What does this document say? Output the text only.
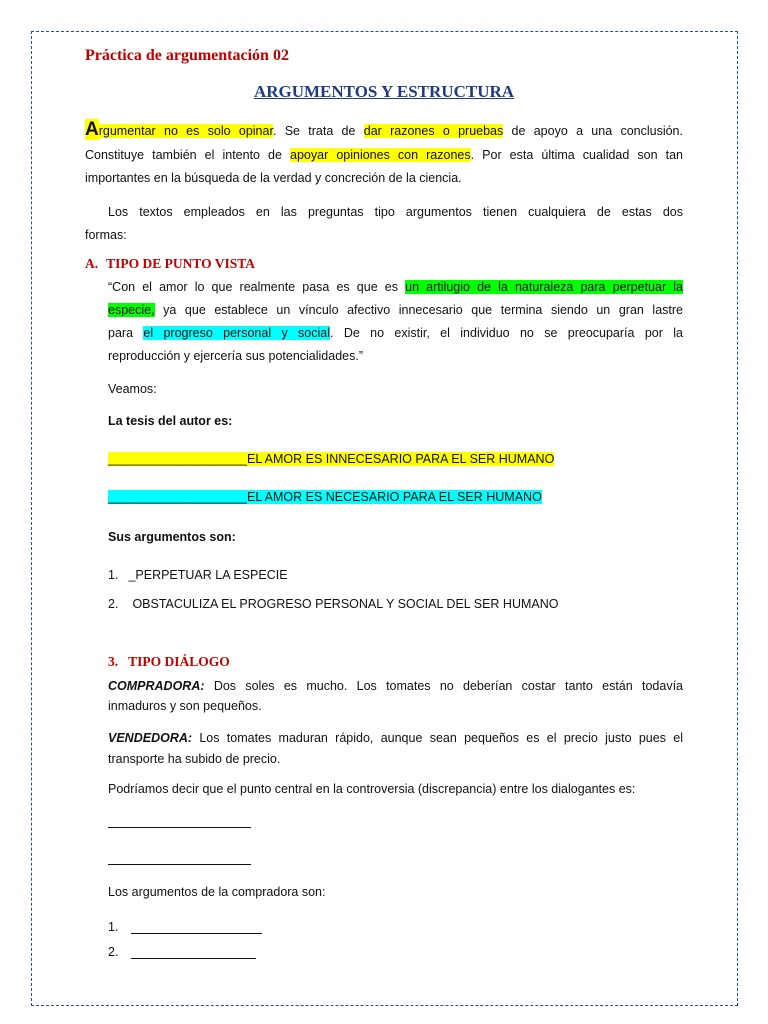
Práctica de argumentación 02
ARGUMENTOS Y ESTRUCTURA
Argumentar no es solo opinar. Se trata de dar razones o pruebas de apoyo a una conclusión.
Constituye también el intento de apoyar opiniones con razones. Por esta última cualidad son tan
importantes en la búsqueda de la verdad y concreción de la ciencia.
Los textos empleados en las preguntas tipo argumentos tienen cualquiera de estas dos
formas:
A. TIPO DE PUNTO VISTA
“Con el amor lo que realmente pasa es que es un artilugio de la naturaleza para perpetuar la
especie, ya que establece un vínculo afectivo innecesario que termina siendo un gran lastre
para el progreso personal y social. De no existir, el individuo no se preocuparía por la
reproducción y ejercería sus potencialidades.”
Veamos:
La tesis del autor es:
____________________EL AMOR ES INNECESARIO PARA EL SER HUMANO
____________________EL AMOR ES NECESARIO PARA EL SER HUMANO
Sus argumentos son:
1. _PERPETUAR LA ESPECIE
2. OBSTACULIZA EL PROGRESO PERSONAL Y SOCIAL DEL SER HUMANO
3. TIPO DIÁLOGO
COMPRADORA: Dos soles es mucho. Los tomates no deberían costar tanto están todavía
inmaduros y son pequeños.
VENDEDORA: Los tomates maduran rápido, aunque sean pequeños es el precio justo pues el
transporte ha subido de precio.
Podríamos decir que el punto central en la controversia (discrepancia) entre los dialogantes es:
Los argumentos de la compradora son:
1.
2.
